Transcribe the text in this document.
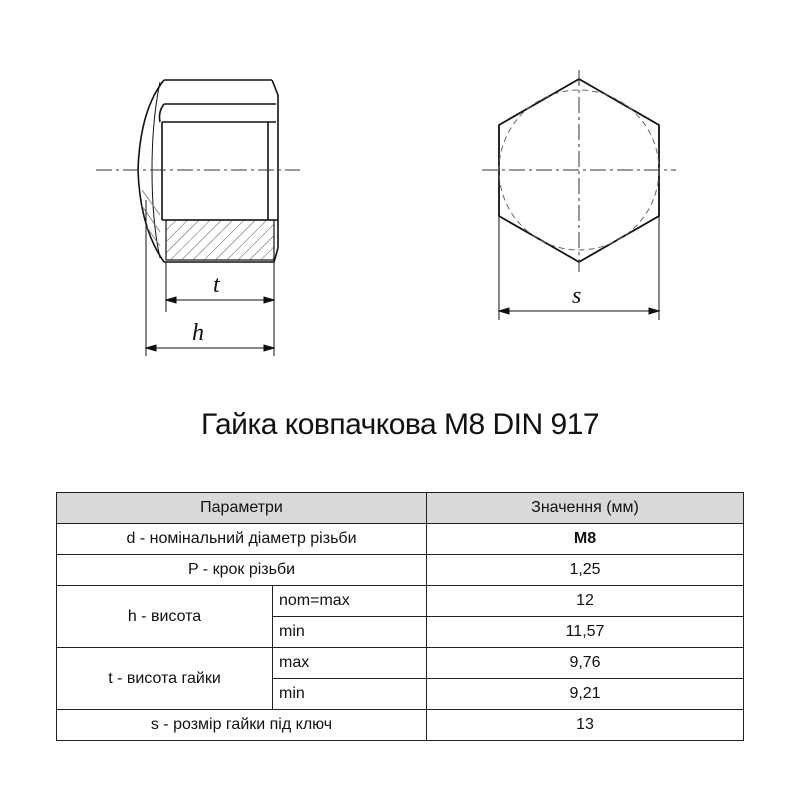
t
h
s
Гайка ковпачкова М8 DIN 917
Параметри		Значення (мм)
d - номінальний діаметр різьби		M8
P - крок різьби		1,25
h - висота	nom=max	12
	min	11,57
t - висота гайки	max	9,76
	min	9,21
s - розмір гайки під ключ		13
